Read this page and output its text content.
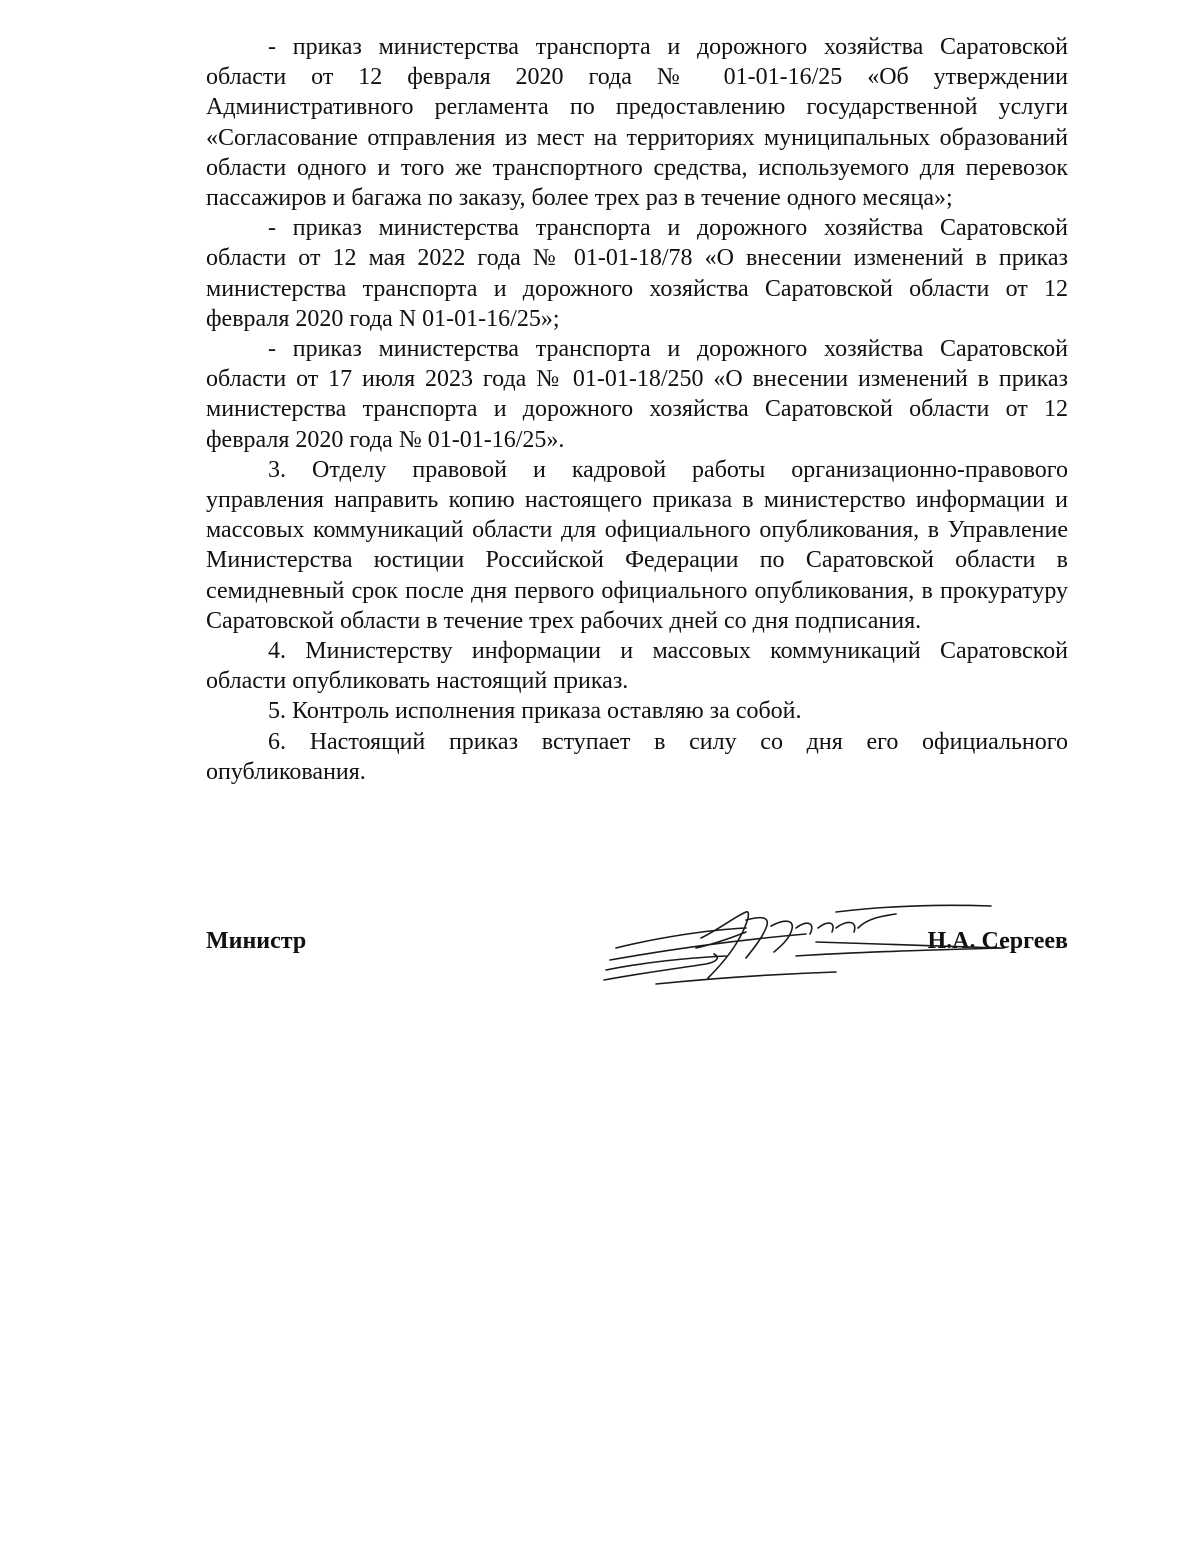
- приказ министерства транспорта и дорожного хозяйства Саратовской области от 12 февраля 2020 года № 01-01-16/25 «Об утверждении Административного регламента по предоставлению государственной услуги «Согласование отправления из мест на территориях муниципальных образований области одного и того же транспортного средства, используемого для перевозок пассажиров и багажа по заказу, более трех раз в течение одного месяца»;

- приказ министерства транспорта и дорожного хозяйства Саратовской области от 12 мая 2022 года № 01-01-18/78 «О внесении изменений в приказ министерства транспорта и дорожного хозяйства Саратовской области от 12 февраля 2020 года N 01-01-16/25»;

- приказ министерства транспорта и дорожного хозяйства Саратовской области от 17 июля 2023 года № 01-01-18/250 «О внесении изменений в приказ министерства транспорта и дорожного хозяйства Саратовской области от 12 февраля 2020 года № 01-01-16/25».

3. Отделу правовой и кадровой работы организационно-правового управления направить копию настоящего приказа в министерство информации и массовых коммуникаций области для официального опубликования, в Управление Министерства юстиции Российской Федерации по Саратовской области в семидневный срок после дня первого официального опубликования, в прокуратуру Саратовской области в течение трех рабочих дней со дня подписания.

4. Министерству информации и массовых коммуникаций Саратовской области опубликовать настоящий приказ.

5. Контроль исполнения приказа оставляю за собой.

6. Настоящий приказ вступает в силу со дня его официального опубликования.

Министр	Н.А. Сергеев
